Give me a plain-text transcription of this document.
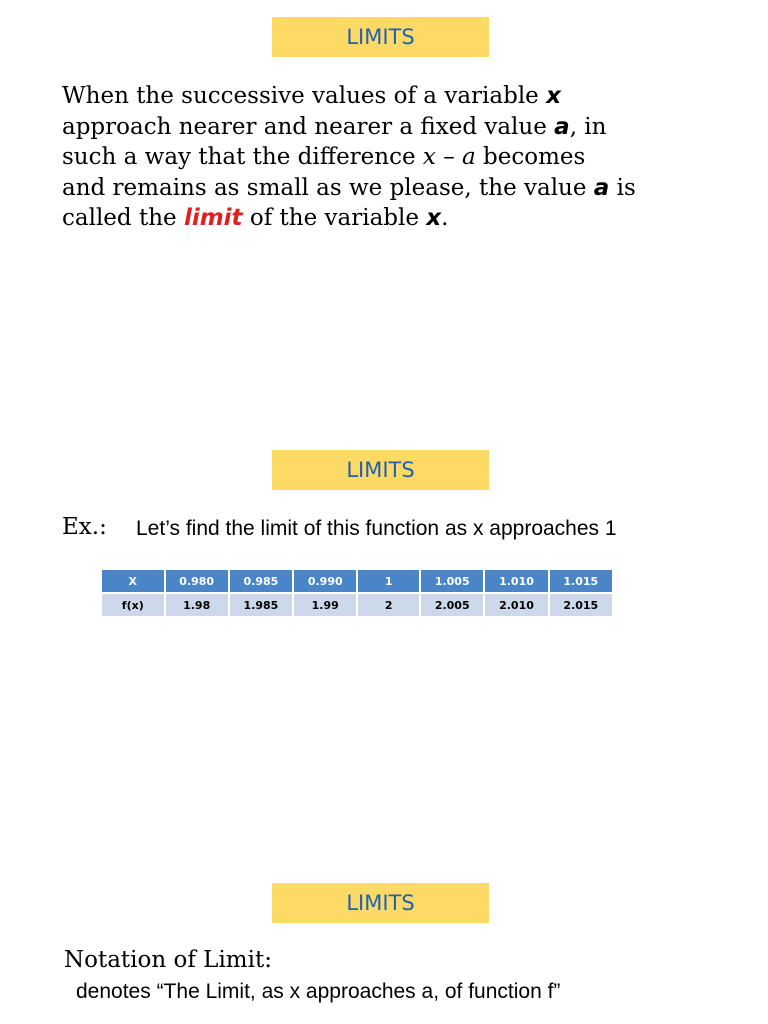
LIMITS
When the successive values of a variable x
approach nearer and nearer a fixed value a, in
such a way that the difference x – a becomes
and remains as small as we please, the value a is
called the limit of the variable x.
LIMITS
Ex.: Let’s find the limit of this function as x approaches 1
X	0.980	0.985	0.990	1	1.005	1.010	1.015
f(x)	1.98	1.985	1.99	2	2.005	2.010	2.015
LIMITS
Notation of Limit:
denotes “The Limit, as x approaches a, of function f”
